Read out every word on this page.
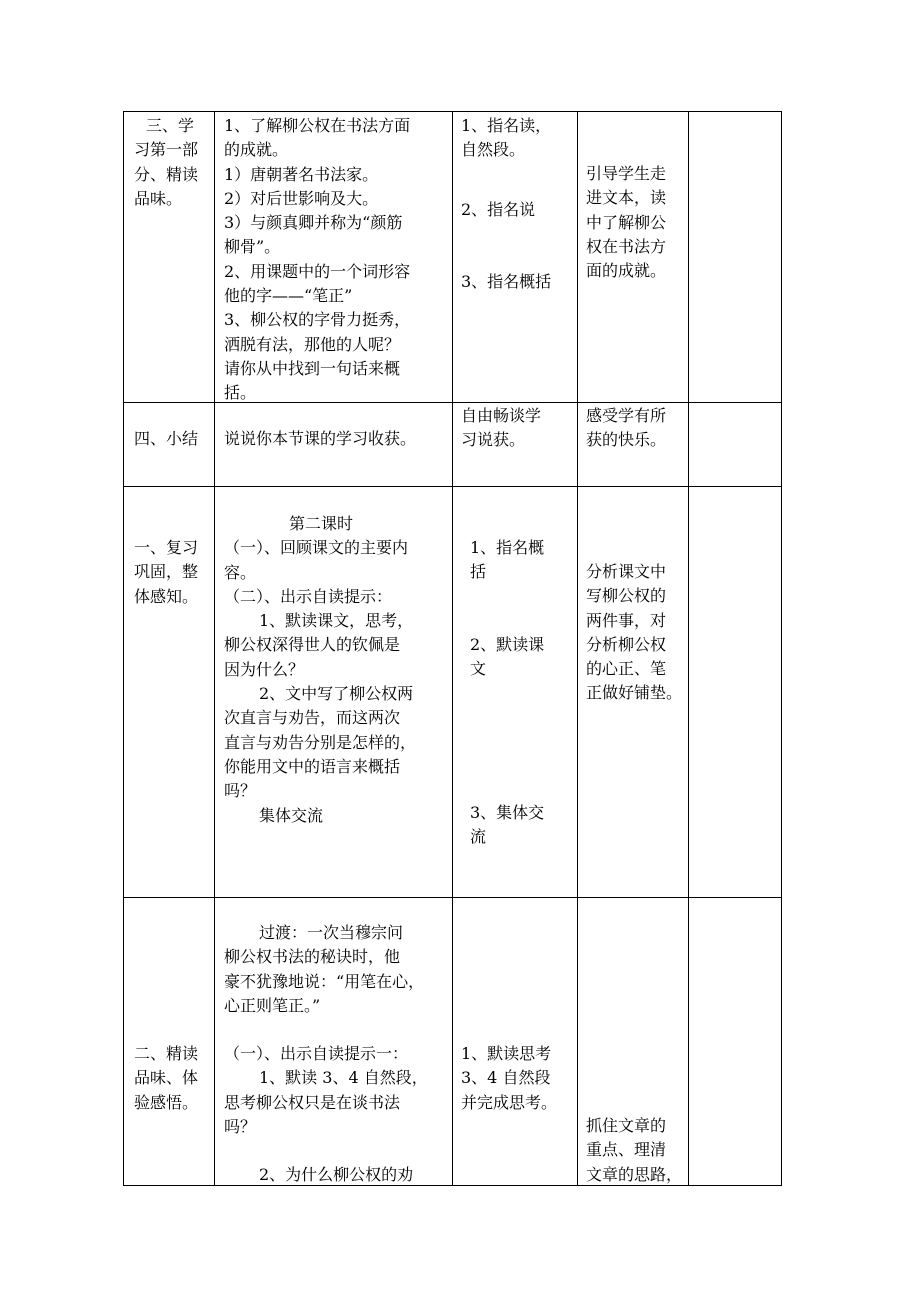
三、学
习第一部
分、精读
品味。
1、了解柳公权在书法方面
的成就。
1）唐朝著名书法家。
2）对后世影响及大。
3）与颜真卿并称为“颜筋
柳骨”。
2、用课题中的一个词形容
他的字——“笔正”
3、柳公权的字骨力挺秀，
洒脱有法，那他的人呢？
请你从中找到一句话来概
括。
1、指名读，
自然段。
2、指名说
3、指名概括
引导学生走
进文本，读
中了解柳公
权在书法方
面的成就。
四、小结 说说你本节课的学习收获。
自由畅谈学
习说获。
感受学有所
获的快乐。
一、复习
巩固，整
体感知。
第二课时
（一）、回顾课文的主要内
容。
（二）、出示自读提示：
1、默读课文，思考，
柳公权深得世人的钦佩是
因为什么？
2、文中写了柳公权两
次直言与劝告，而这两次
直言与劝告分别是怎样的，
你能用文中的语言来概括
吗？
集体交流
1、指名概
括
2、默读课
文
3、集体交
流
分析课文中
写柳公权的
两件事，对
分析柳公权
的心正、笔
正做好铺垫。
二、精读
品味、体
验感悟。
过渡：一次当穆宗问
柳公权书法的秘诀时，他
豪不犹豫地说：“用笔在心，
心正则笔正。”
（一）、出示自读提示一：
1、默读 3、4 自然段，
思考柳公权只是在谈书法
吗？
2、为什么柳公权的劝
1、默读思考
3、4 自然段
并完成思考。
抓住文章的
重点、理清
文章的思路，
